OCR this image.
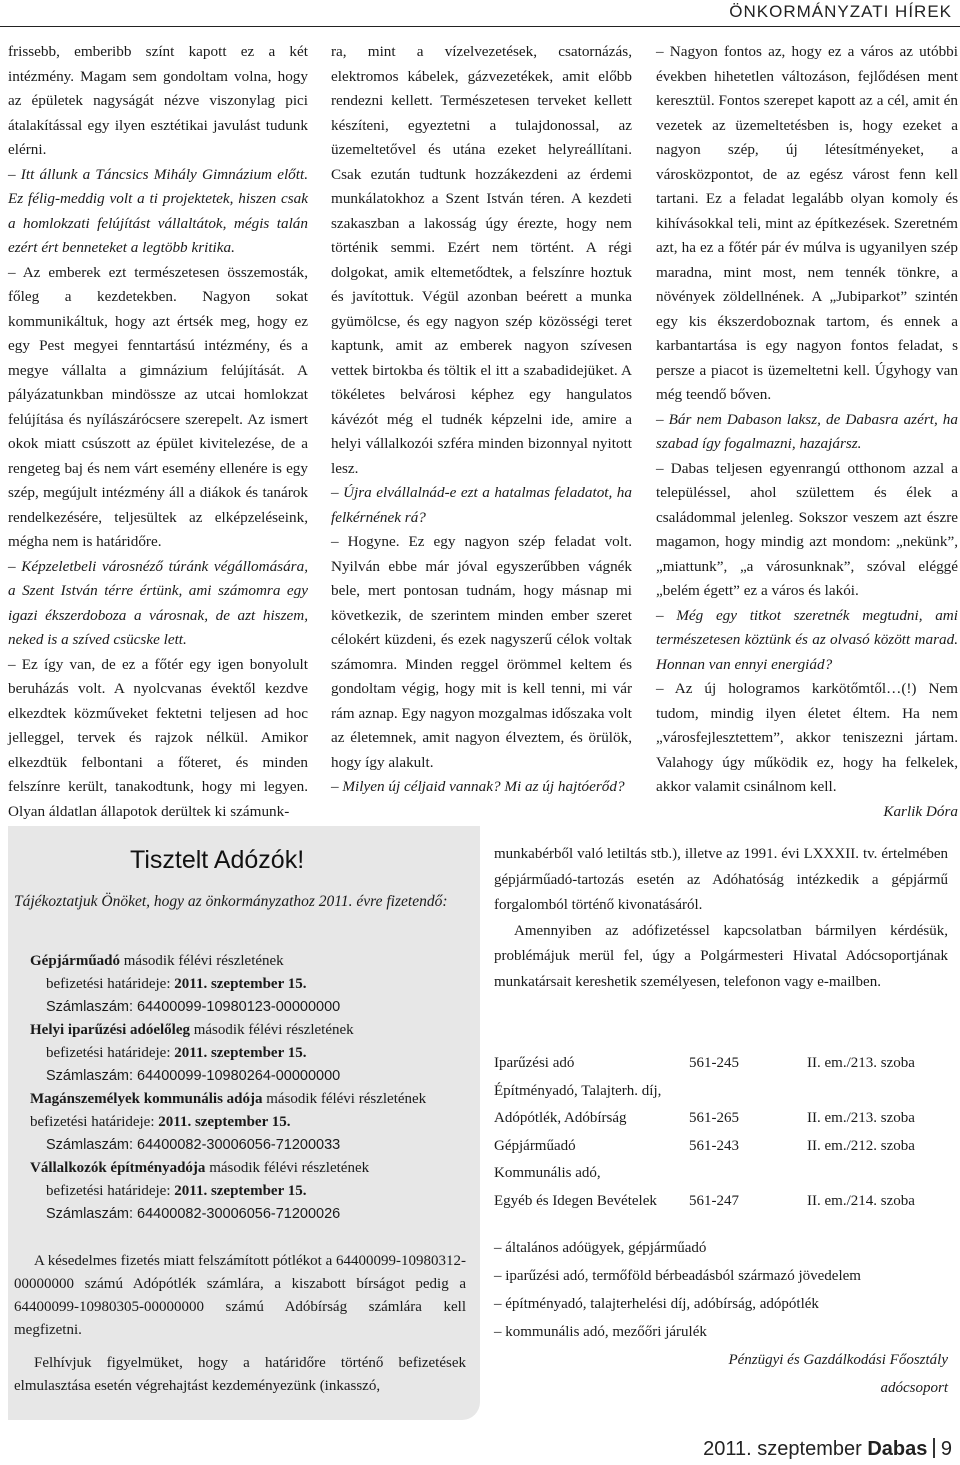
ÖNKORMÁNYZATI HÍREK

frissebb, emberibb színt kapott ez a két intézmény. Magam sem gondoltam volna, hogy az épületek nagyságát nézve viszonylag pici átalakítással egy ilyen esztétikai javulást tudunk elérni.

– Itt állunk a Táncsics Mihály Gimnázium előtt. Ez félig-meddig volt a ti projektetek, hiszen csak a homlokzati felújítást vállaltátok, mégis talán ezért ért benneteket a legtöbb kritika.

– Az emberek ezt természetesen összemosták, főleg a kezdetekben. Nagyon sokat kommunikáltuk, hogy azt értsék meg, hogy ez egy Pest megyei fenntartású intézmény, és a megye vállalta a gimnázium felújítását. A pályázatunkban mindössze az utcai homlokzat felújítása és nyílászárócsere szerepelt. Az ismert okok miatt csúszott az épület kivitelezése, de a rengeteg baj és nem várt esemény ellenére is egy szép, megújult intézmény áll a diákok és tanárok rendelkezésére, teljesültek az elképzeléseink, mégha nem is határidőre.

– Képzeletbeli városnéző túránk végállomására, a Szent István térre értünk, ami számomra egy igazi ékszerdoboza a városnak, de azt hiszem, neked is a szíved csücske lett.

– Ez így van, de ez a főtér egy igen bonyolult beruházás volt. A nyolcvanas évektől kezdve elkezdtek közműveket fektetni teljesen ad hoc jelleggel, tervek és rajzok nélkül. Amikor elkezdtük felbontani a főteret, és minden felszínre került, tanakodtunk, hogy mi legyen. Olyan áldatlan állapotok derültek ki számunk-

ra, mint a vízelvezetések, csatornázás, elektromos kábelek, gázvezetékek, amit előbb rendezni kellett. Természetesen terveket kellett készíteni, egyeztetni a tulajdonossal, az üzemeltetővel és utána ezeket helyreállítani. Csak ezután tudtunk hozzákezdeni az érdemi munkálatokhoz a Szent István téren. A kezdeti szakaszban a lakosság úgy érezte, hogy nem történik semmi. Ezért nem történt. A régi dolgokat, amik eltemetődtek, a felszínre hoztuk és javítottuk. Végül azonban beérett a munka gyümölcse, és egy nagyon szép közösségi teret kaptunk, amit az emberek nagyon szívesen vettek birtokba és töltik el itt a szabadidejüket. A tökéletes belvárosi képhez egy hangulatos kávézót még el tudnék képzelni ide, amire a helyi vállalkozói szféra minden bizonnyal nyitott lesz.

– Újra elvállalnád-e ezt a hatalmas feladatot, ha felkérnének rá?

– Hogyne. Ez egy nagyon szép feladat volt. Nyilván ebbe már jóval egyszerűbben vágnék bele, mert pontosan tudnám, hogy másnap mi következik, de szerintem minden ember szeret célokért küzdeni, és ezek nagyszerű célok voltak számomra. Minden reggel örömmel keltem és gondoltam végig, hogy mit is kell tenni, mi vár rám aznap. Egy nagyon mozgalmas időszaka volt az életemnek, amit nagyon élveztem, és örülök, hogy így alakult.

– Milyen új céljaid vannak? Mi az új hajtóerőd?

– Nagyon fontos az, hogy ez a város az utóbbi években hihetetlen változáson, fejlődésen ment keresztül. Fontos szerepet kapott az a cél, amit én vezetek az üzemeltetésben is, hogy ezeket a nagyon szép, új létesítményeket, a városközpontot, de az egész várost fenn kell tartani. Ez a feladat legalább olyan komoly és kihívásokkal teli, mint az építkezések. Szeretném azt, ha ez a főtér pár év múlva is ugyanilyen szép maradna, mint most, nem tennék tönkre, a növények zöldellnének. A „Jubiparkot” szintén egy kis ékszerdoboznak tartom, és ennek a karbantartása is egy nagyon fontos feladat, s persze a piacot is üzemeltetni kell. Úgyhogy van még teendő bőven.

– Bár nem Dabason laksz, de Dabasra azért, ha szabad így fogalmazni, hazajársz.

– Dabas teljesen egyenrangú otthonom azzal a településsel, ahol születtem és élek a családommal jelenleg. Sokszor veszem azt észre magamon, hogy mindig azt mondom: „nekünk”, „miattunk”, „a városunknak”, szóval eléggé „belém égett” ez a város és lakói.

– Még egy titkot szeretnék megtudni, ami természetesen köztünk és az olvasó között marad. Honnan van ennyi energiád?

– Az új hologramos karkötőmtől…(!) Nem tudom, mindig ilyen életet éltem. Ha nem „városfejlesztettem”, akkor teniszezni jártam. Valahogy úgy működik ez, hogy ha felkelek, akkor valamit csinálnom kell.

Karlik Dóra

Tisztelt Adózók!
Tájékoztatjuk Önöket, hogy az önkormányzathoz 2011. évre fizetendő:
Gépjárműadó második félévi részletének
befizetési határideje: 2011. szeptember 15.
Számlaszám: 64400099-10980123-00000000
Helyi iparűzési adóelőleg második félévi részletének
befizetési határideje: 2011. szeptember 15.
Számlaszám: 64400099-10980264-00000000
Magánszemélyek kommunális adója második félévi részletének befizetési határideje: 2011. szeptember 15.
Számlaszám: 64400082-30006056-71200033
Vállalkozók építményadója második félévi részletének
befizetési határideje: 2011. szeptember 15.
Számlaszám: 64400082-30006056-71200026
A késedelmes fizetés miatt felszámított pótlékot a 64400099-10980312-00000000 számú Adópótlék számlára, a kiszabott bírságot pedig a 64400099-10980305-00000000 számú Adóbírság számlára kell megfizetni.
Felhívjuk figyelmüket, hogy a határidőre történő befizetések elmulasztása esetén végrehajtást kezdeményezünk (inkasszó,

munkabérből való letiltás stb.), illetve az 1991. évi LXXXII. tv. értelmében gépjárműadó-tartozás esetén az Adóhatóság intézkedik a gépjármű forgalomból történő kivonatásáról.

Amennyiben az adófizetéssel kapcsolatban bármilyen kérdésük, problémájuk merül fel, úgy a Polgármesteri Hivatal Adócsoportjának munkatársait kereshetik személyesen, telefonon vagy e-mailben.

Iparűzési adó	561-245	II. em./213. szoba
Építményadó, Talajterh. díj,
Adópótlék, Adóbírság	561-265	II. em./213. szoba
Gépjárműadó	561-243	II. em./212. szoba
Kommunális adó,
Egyéb és Idegen Bevételek	561-247	II. em./214. szoba
– általános adóügyek, gépjárműadó
– iparűzési adó, termőföld bérbeadásból származó jövedelem
– építményadó, talajterhelési díj, adóbírság, adópótlék
– kommunális adó, mezőőri járulék
Pénzügyi és Gazdálkodási Főosztály
adócsoport
2011. szeptember Dabas 9
